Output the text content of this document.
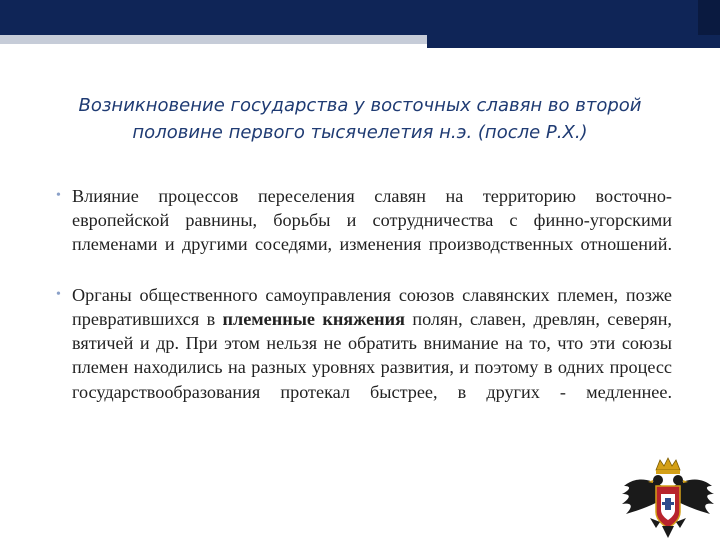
Возникновение государства у восточных славян во второй
половине первого тысячелетия н.э. (после Р.Х.)
• Влияние процессов переселения славян на территорию восточно-европейской равнины, борьбы и сотрудничества с финно-угорскими племенами и другими соседями, изменения производственных отношений.
• Органы общественного самоуправления союзов славянских племен, позже превратившихся в племенные княжения полян, славен, древлян, северян, вятичей и др. При этом нельзя не обратить внимание на то, что эти союзы племен находились на разных уровнях развития, и поэтому в одних процесс государствообразования протекал быстрее, в других - медленнее.
